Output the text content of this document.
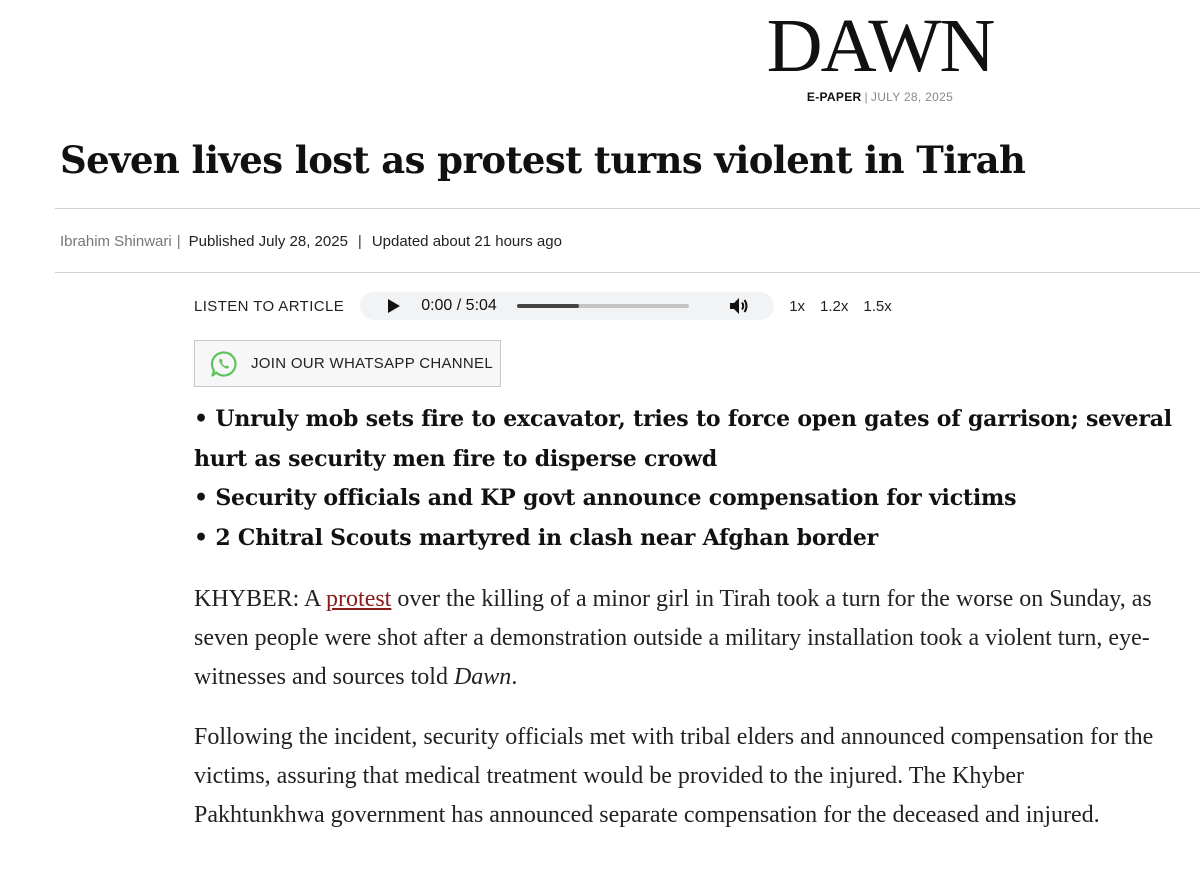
DAWN
E-PAPER | JULY 28, 2025
Seven lives lost as protest turns violent in Tirah
Ibrahim Shinwari | Published July 28, 2025 | Updated about 21 hours ago
LISTEN TO ARTICLE	0:00 / 5:04	1x 1.2x 1.5x
JOIN OUR WHATSAPP CHANNEL
• Unruly mob sets fire to excavator, tries to force open gates of garrison; several hurt as security men fire to disperse crowd
• Security officials and KP govt announce compensation for victims
• 2 Chitral Scouts martyred in clash near Afghan border

KHYBER: A protest over the killing of a minor girl in Tirah took a turn for the worse on Sunday, as seven people were shot after a demonstration outside a military installation took a violent turn, eye-witnesses and sources told Dawn.

Following the incident, security officials met with tribal elders and announced compensation for the victims, assuring that medical treatment would be provided to the injured. The Khyber Pakhtunkhwa government has announced separate compensation for the deceased and injured.
